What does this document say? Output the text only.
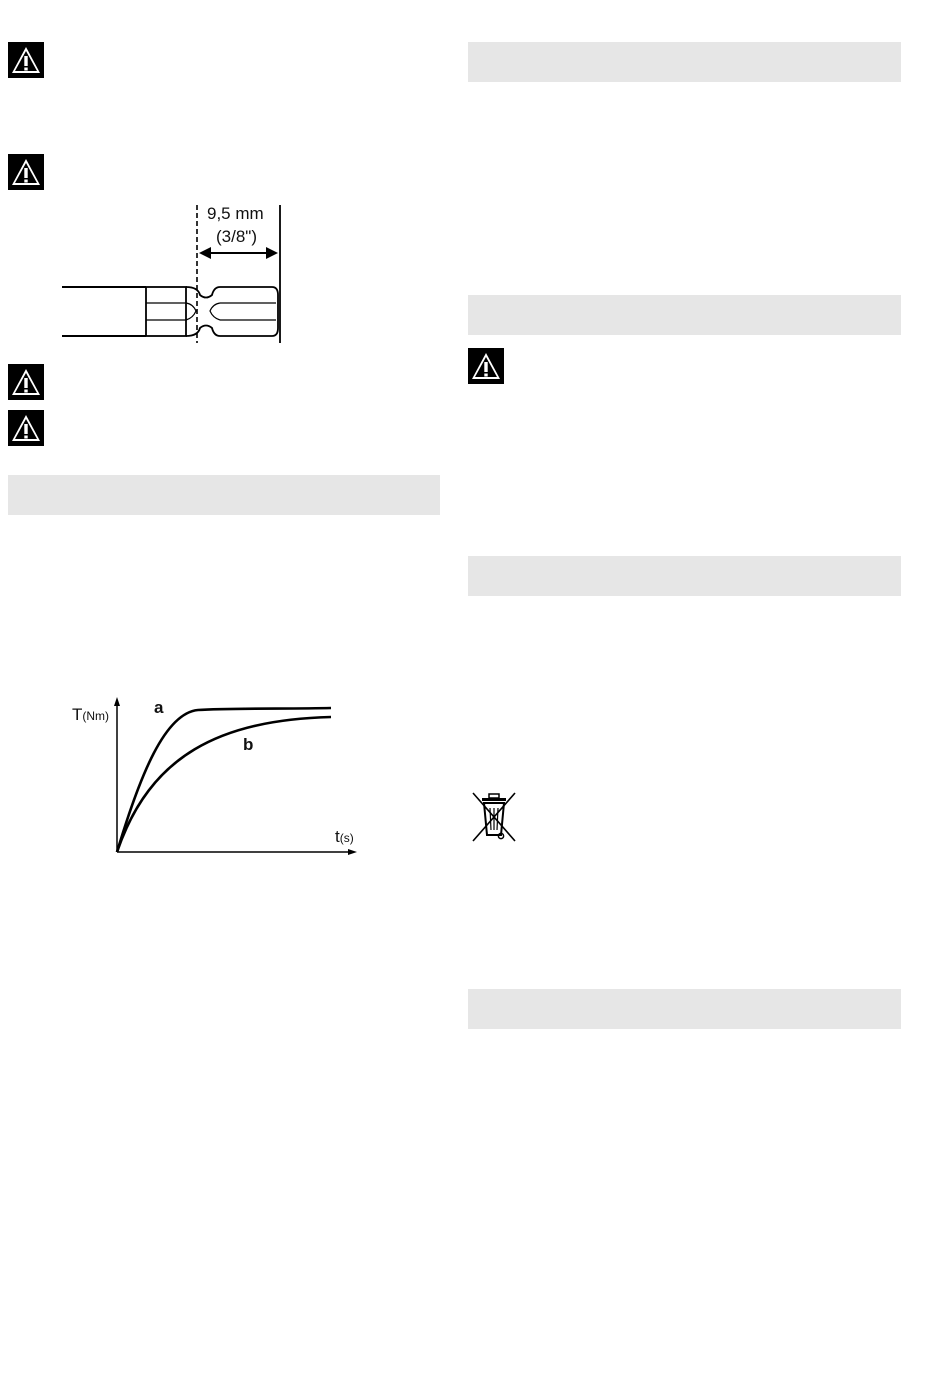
9,5 mm
(3/8")
T(Nm)
t(s)
a
b
